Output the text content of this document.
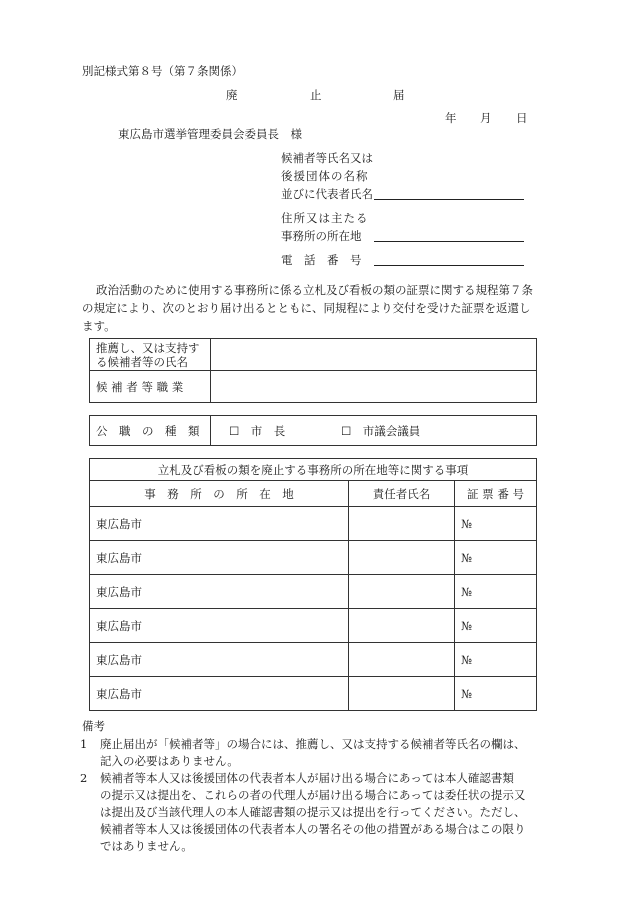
別記様式第８号（第７条関係）
廃	止	届
年 月 日
東広島市選挙管理委員会委員長　様
候補者等氏名又は
後援団体の名称
並びに代表者氏名
住所又は主たる
事務所の所在地
電　話　番　号
政治活動のために使用する事務所に係る立札及び看板の類の証票に関する規程第７条
の規定により、次のとおり届け出るとともに、同規程により交付を受けた証票を返還し
ます。
推薦し、又は支持す
る候補者等の氏名	

候 補 者 等 職 業	
公　職　の　種　類	☐　市　長	☐　市議会議員
立札及び看板の類を廃止する事務所の所在地等に関する事項		
事　務　所　の　所　在　地	責任者氏名	証 票 番 号
東広島市		№
東広島市		№
東広島市		№
東広島市		№
東広島市		№
東広島市		№
備考
1 廃止届出が「候補者等」の場合には、推薦し、又は支持する候補者等氏名の欄は、
記入の必要はありません。
2 候補者等本人又は後援団体の代表者本人が届け出る場合にあっては本人確認書類
の提示又は提出を、これらの者の代理人が届け出る場合にあっては委任状の提示又
は提出及び当該代理人の本人確認書類の提示又は提出を行ってください。ただし、
候補者等本人又は後援団体の代表者本人の署名その他の措置がある場合はこの限り
ではありません。
